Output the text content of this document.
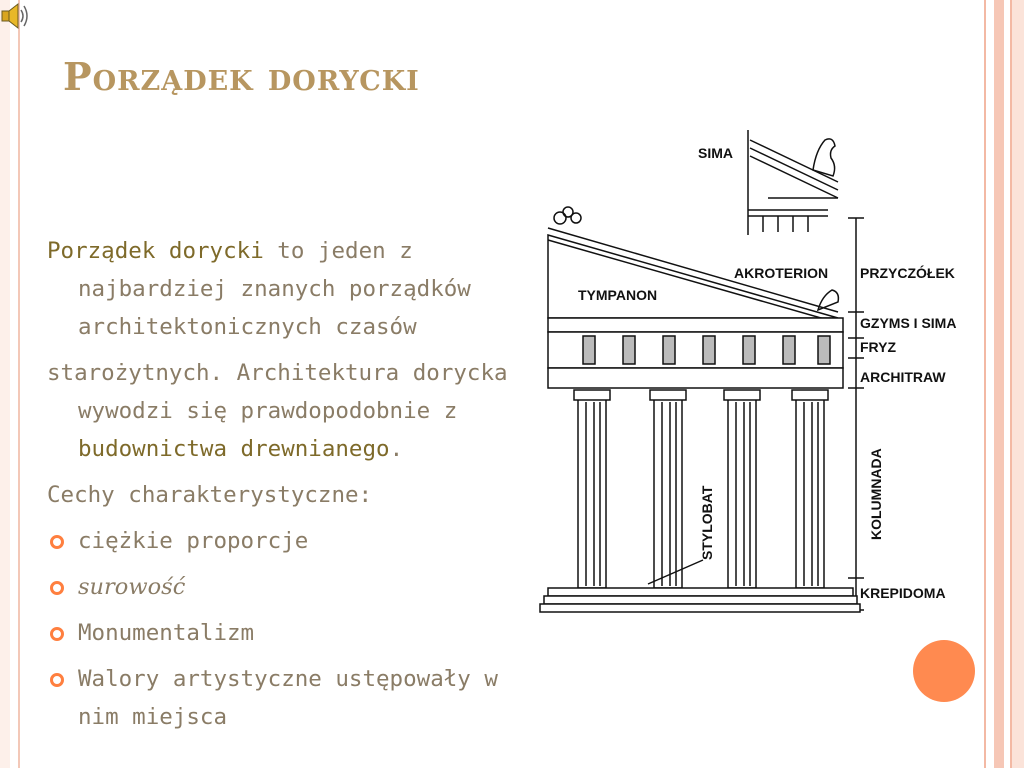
Porządek dorycki

Porządek dorycki to jeden z najbardziej znanych porządków architektonicznych czasów

starożytnych. Architektura dorycka wywodzi się prawdopodobnie z budownictwa drewnianego.

Cechy charakterystyczne:

ciężkie proporcje
surowość
Monumentalizm
Walory artystyczne ustępowały w nim miejsca
SIMA
AKROTERION
TYMPANON
PRZYCZÓŁEK
GZYMS I SIMA
FRYZ
ARCHITRAW
KREPIDOMA
KOLUMNADA
STYLOBAT
